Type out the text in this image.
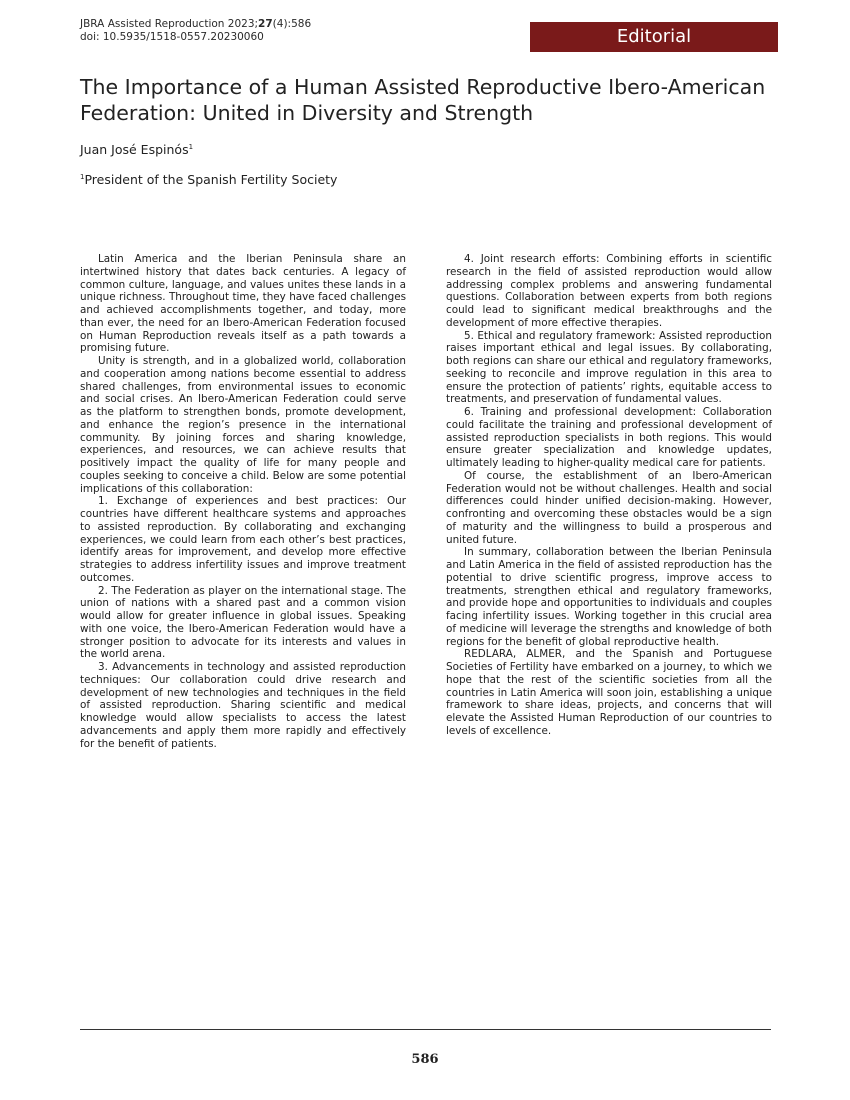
JBRA Assisted Reproduction 2023;27(4):586
doi: 10.5935/1518-0557.20230060	Editorial
The Importance of a Human Assisted Reproductive Ibero-American Federation: United in Diversity and Strength
Juan José Espinós$^1$
$^1$President of the Spanish Fertility Society

Latin America and the Iberian Peninsula share an intertwined history that dates back centuries. A legacy of common culture, language, and values unites these lands in a unique richness. Throughout time, they have faced challenges and achieved accomplishments together, and today, more than ever, the need for an Ibero-American Federation focused on Human Reproduction reveals itself as a path towards a promising future.

Unity is strength, and in a globalized world, collaboration and cooperation among nations become essential to address shared challenges, from environmental issues to economic and social crises. An Ibero-American Federation could serve as the platform to strengthen bonds, promote development, and enhance the region’s presence in the international community. By joining forces and sharing knowledge, experiences, and resources, we can achieve results that positively impact the quality of life for many people and couples seeking to conceive a child. Below are some potential implications of this collaboration:

1. Exchange of experiences and best practices: Our countries have different healthcare systems and approaches to assisted reproduction. By collaborating and exchanging experiences, we could learn from each other’s best practices, identify areas for improvement, and develop more effective strategies to address infertility issues and improve treatment outcomes.

2. The Federation as player on the international stage. The union of nations with a shared past and a common vision would allow for greater influence in global issues. Speaking with one voice, the Ibero-American Federation would have a stronger position to advocate for its interests and values in the world arena.

3. Advancements in technology and assisted reproduction techniques: Our collaboration could drive research and development of new technologies and techniques in the field of assisted reproduction. Sharing scientific and medical knowledge would allow specialists to access the latest advancements and apply them more rapidly and effectively for the benefit of patients.

4. Joint research efforts: Combining efforts in scientific research in the field of assisted reproduction would allow addressing complex problems and answering fundamental questions. Collaboration between experts from both regions could lead to significant medical breakthroughs and the development of more effective therapies.

5. Ethical and regulatory framework: Assisted reproduction raises important ethical and legal issues. By collaborating, both regions can share our ethical and regulatory frameworks, seeking to reconcile and improve regulation in this area to ensure the protection of patients’ rights, equitable access to treatments, and preservation of fundamental values.

6. Training and professional development: Collaboration could facilitate the training and professional development of assisted reproduction specialists in both regions. This would ensure greater specialization and knowledge updates, ultimately leading to higher-quality medical care for patients.

Of course, the establishment of an Ibero-American Federation would not be without challenges. Health and social differences could hinder unified decision-making. However, confronting and overcoming these obstacles would be a sign of maturity and the willingness to build a prosperous and united future.

In summary, collaboration between the Iberian Peninsula and Latin America in the field of assisted reproduction has the potential to drive scientific progress, improve access to treatments, strengthen ethical and regulatory frameworks, and provide hope and opportunities to individuals and couples facing infertility issues. Working together in this crucial area of medicine will leverage the strengths and knowledge of both regions for the benefit of global reproductive health.

REDLARA, ALMER, and the Spanish and Portuguese Societies of Fertility have embarked on a journey, to which we hope that the rest of the scientific societies from all the countries in Latin America will soon join, establishing a unique framework to share ideas, projects, and concerns that will elevate the Assisted Human Reproduction of our countries to levels of excellence.

586
